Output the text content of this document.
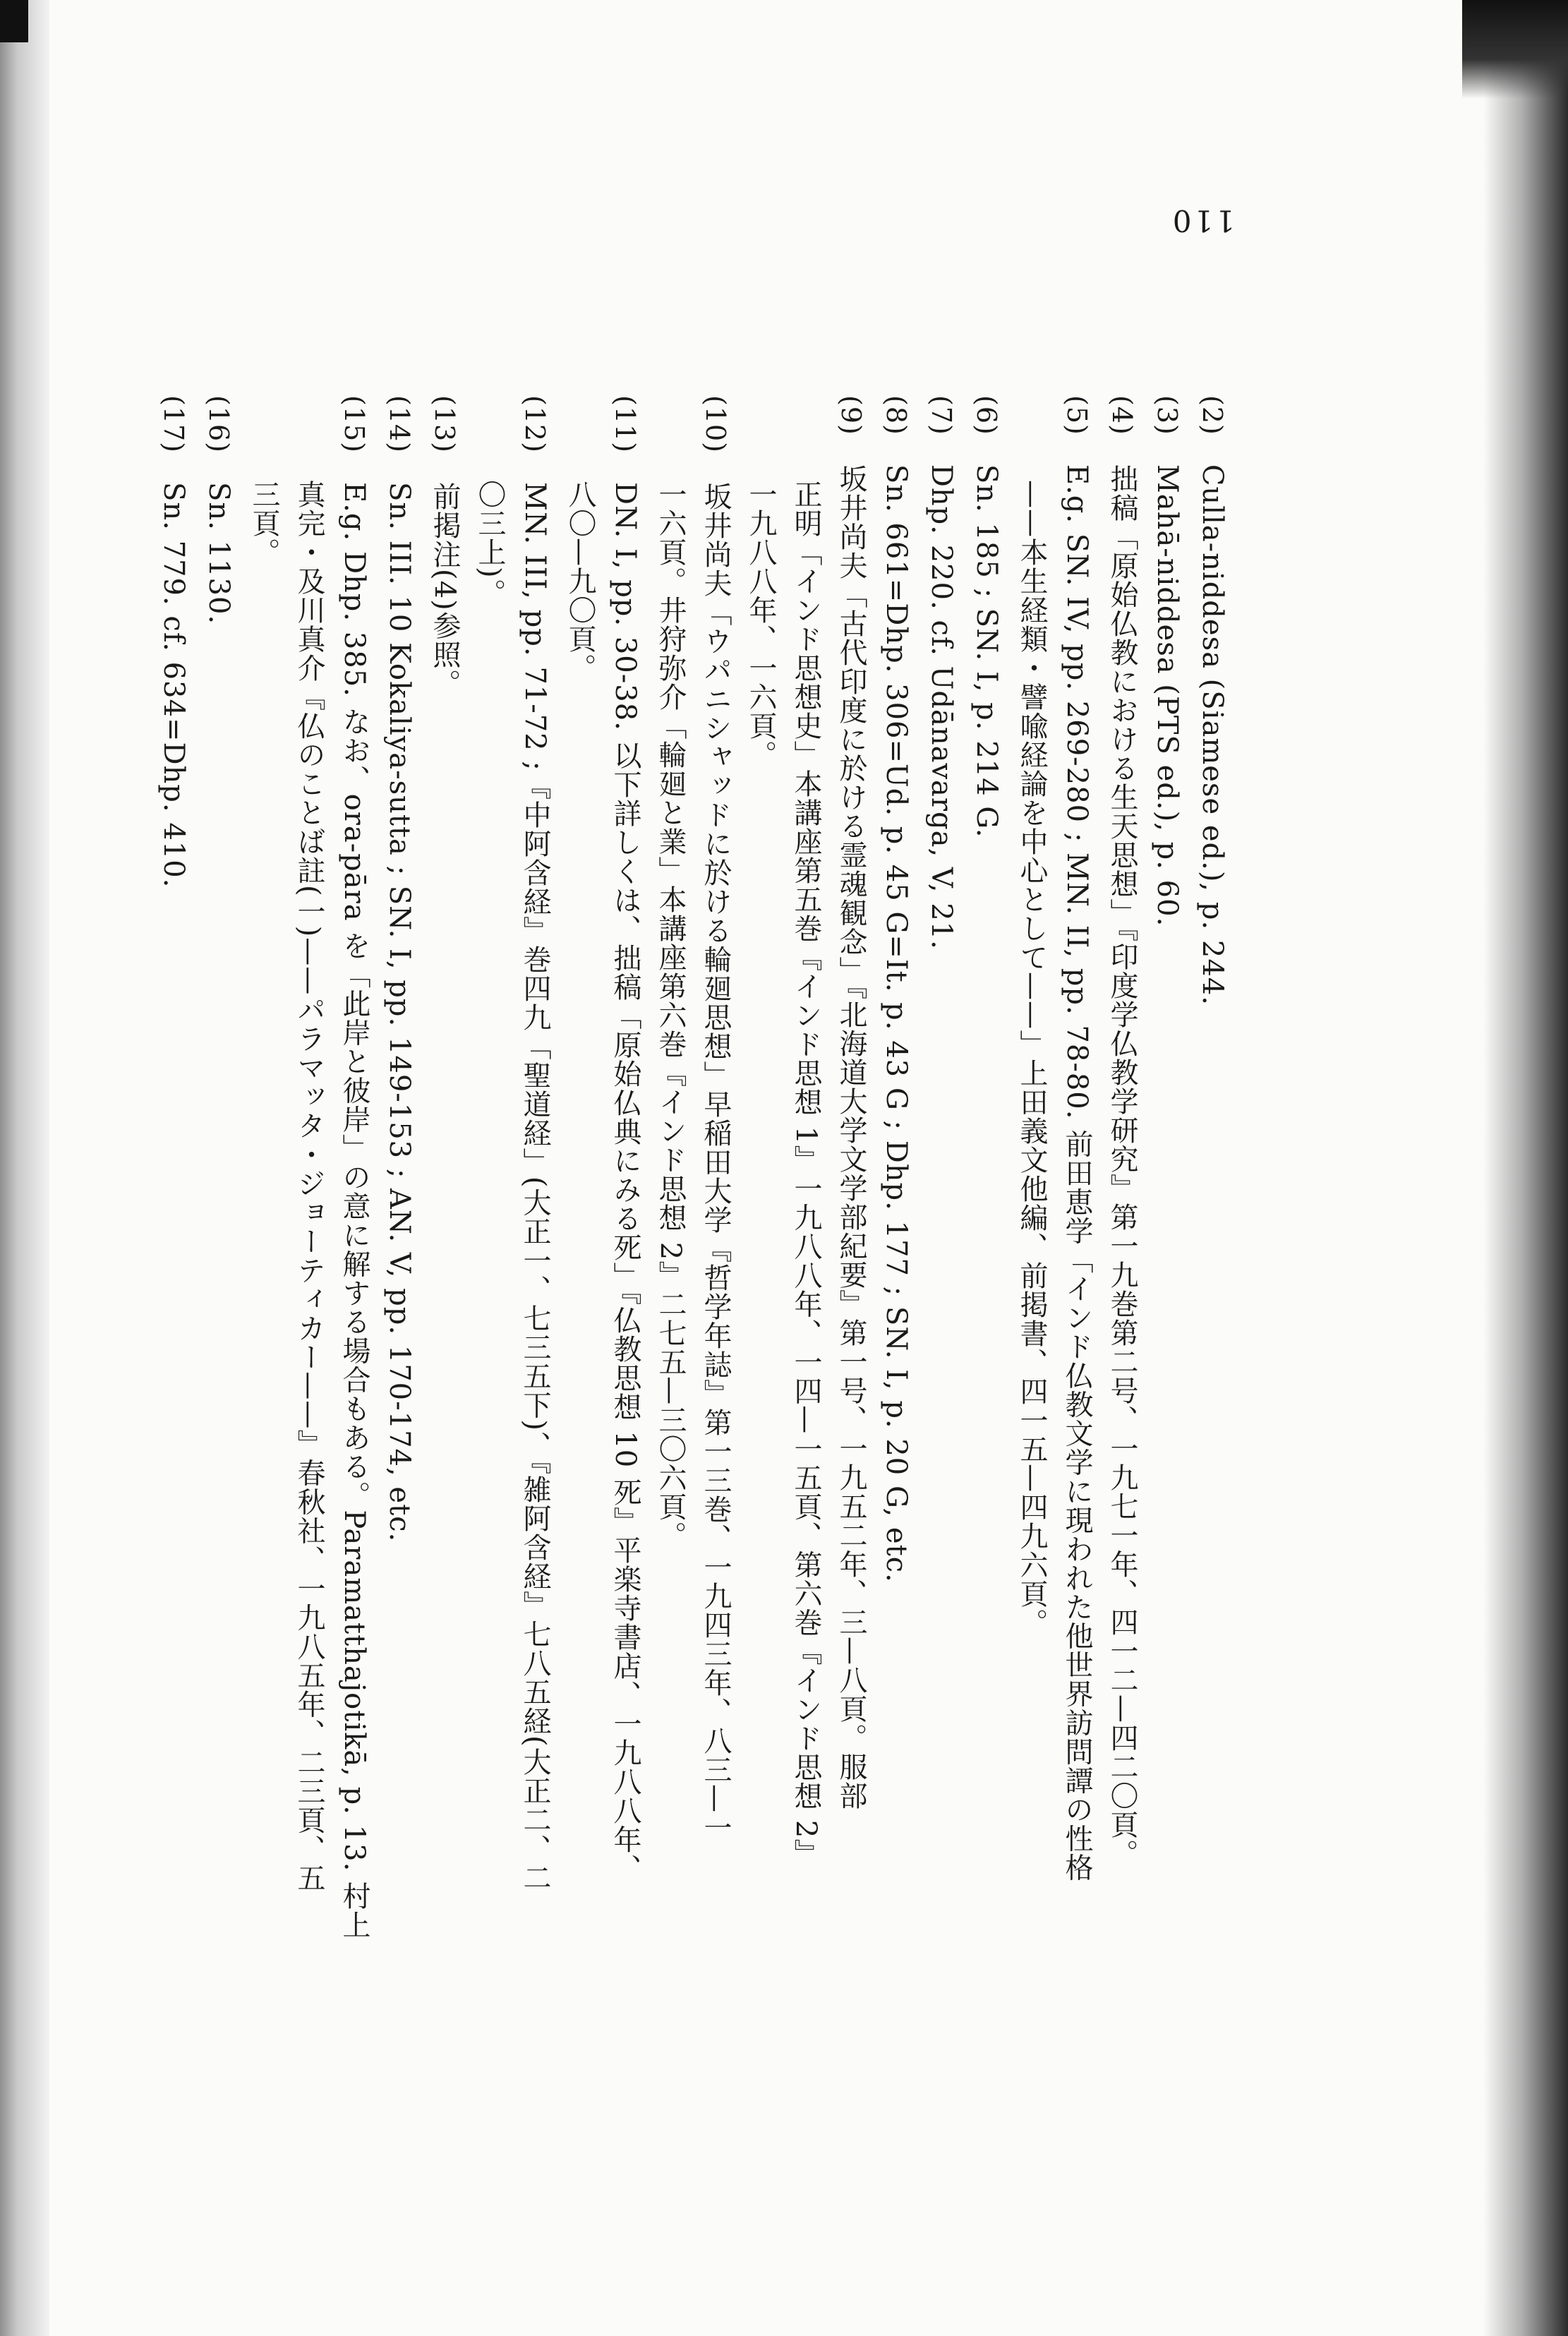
110
(2)　Culla-niddesa (Siamese ed.), p. 244.
(3)　Mahā-niddesa (PTS ed.), p. 60.
(4)　拙稿「原始仏教における生天思想」『印度学仏教学研究』第一九巻第二号、一九七一年、四一二—四二〇頁。
(5)　E.g. SN. IV, pp. 269-280 ; MN. II, pp. 78-80. 前田恵学「インド仏教文学に現われた他世界訪問譚の性格
——本生経類・譬喩経論を中心として——」上田義文他編、前掲書、四一五—四九六頁。
(6)　Sn. 185 ; SN. I, p. 214 G.
(7)　Dhp. 220. cf. Udānavarga, V, 21.
(8)　Sn. 661=Dhp. 306=Ud. p. 45 G=It. p. 43 G ; Dhp. 177 ; SN. I, p. 20 G, etc.
(9)　坂井尚夫「古代印度に於ける霊魂観念」『北海道大学文学部紀要』第一号、一九五二年、三—八頁。服部
正明「インド思想史」本講座第五巻『インド思想 1』一九八八年、一四—一五頁、第六巻『インド思想 2』
一九八八年、一六頁。
(10)　坂井尚夫「ウパニシャッドに於ける輪廻思想」早稲田大学『哲学年誌』第一三巻、一九四三年、八三—一
一六頁。井狩弥介「輪廻と業」本講座第六巻『インド思想 2』二七五—三〇六頁。
(11)　DN. I, pp. 30-38. 以下詳しくは、拙稿「原始仏典にみる死」『仏教思想 10 死』平楽寺書店、一九八八年、
八〇—九〇頁。
(12)　MN. III, pp. 71-72 ;『中阿含経』巻四九「聖道経」(大正一、七三五下)、『雑阿含経』七八五経(大正二、二
〇三上)。
(13)　前掲注(4)参照。
(14)　Sn. III. 10 Kokaliya-sutta ; SN. I, pp. 149-153 ; AN. V, pp. 170-174, etc.
(15)　E.g. Dhp. 385. なお、ora-pāra を「此岸と彼岸」の意に解する場合もある。Paramatthajotikā, p. 13. 村上
真完・及川真介『仏のことば註(一)——パラマッタ・ジョーティカー——』春秋社、一九八五年、二三頁、五
三頁。
(16)　Sn. 1130.
(17)　Sn. 779. cf. 634=Dhp. 410.
